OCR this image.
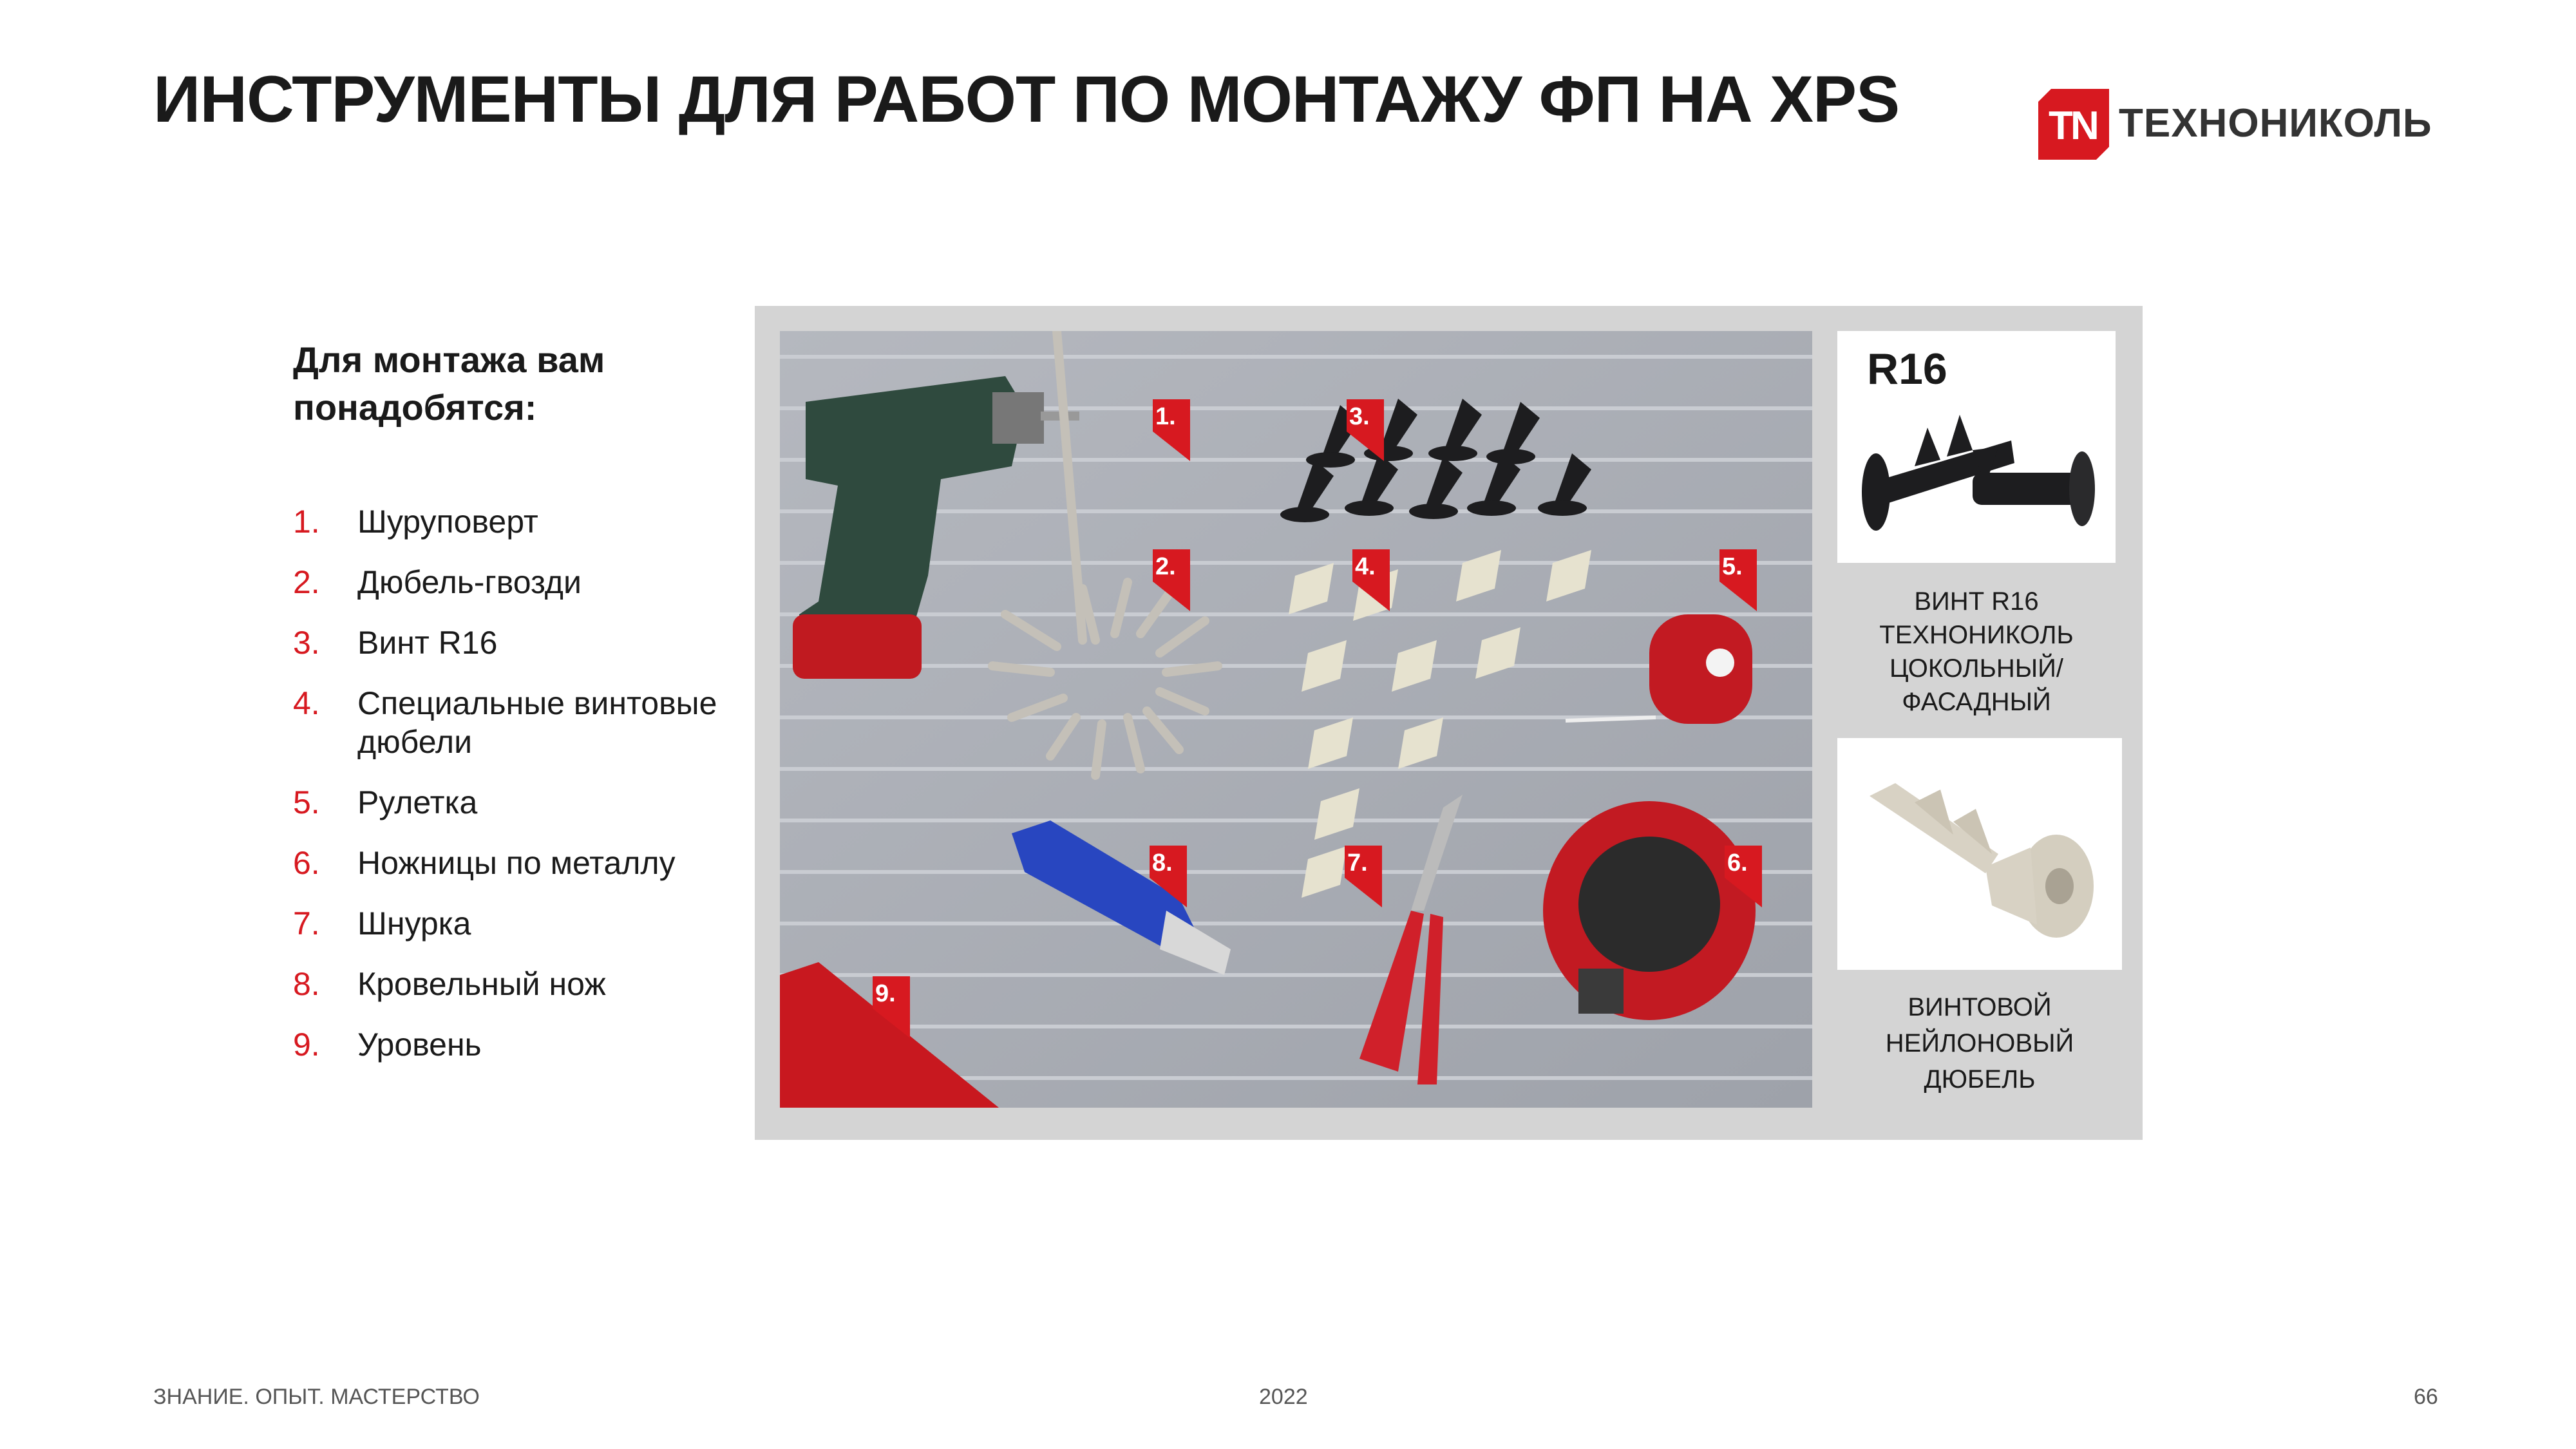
ИНСТРУМЕНТЫ ДЛЯ РАБОТ ПО МОНТАЖУ ФП НА XPS	T
N ТЕХНОНИКОЛЬ
Для монтажа вам
понадобятся:
1. Шуруповерт
2. Дюбель-гвозди
3. Винт R16
4. Специальные винтовые дюбели
5. Рулетка
6. Ножницы по металлу
7. Шнурка
8. Кровельный нож
9. Уровень
1.
2.
3.
4.	5.
6.
7.
8.
9.
R16
ВИНТ R16
ТЕХНОНИКОЛЬ
ЦОКОЛЬНЫЙ/
ФАСАДНЫЙ
ВИНТОВОЙ
НЕЙЛОНОВЫЙ
ДЮБЕЛЬ
ЗНАНИЕ. ОПЫТ. МАСТЕРСТВО	2022	66
